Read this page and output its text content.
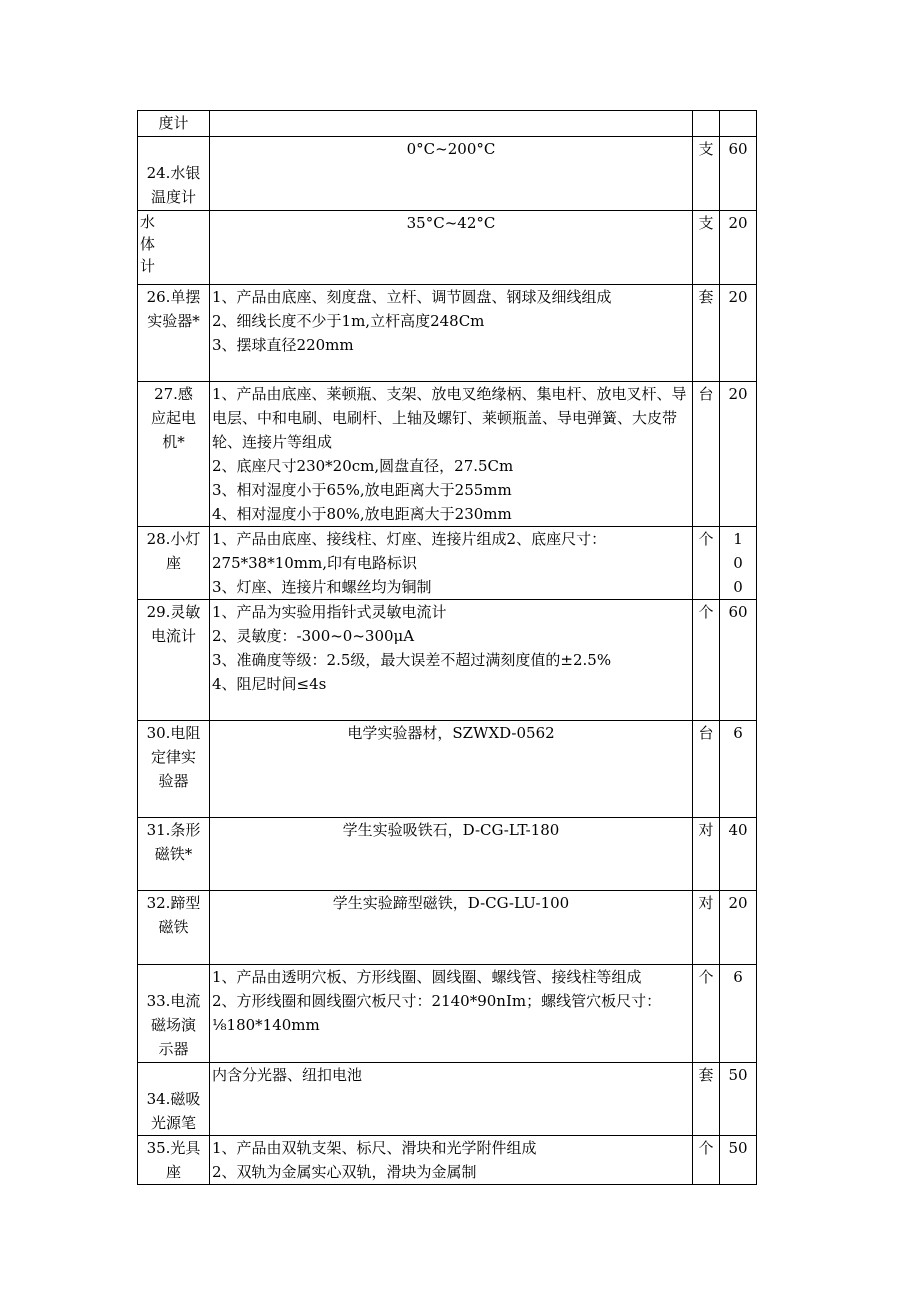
度计			

24.水银
温度计	0°C~200°C	支	60

水
体
计	35°C~42°C	支	20

26.单摆
实验器*	1、产品由底座、刻度盘、立杆、调节圆盘、钢球及细线组成
2、细线长度不少于1m,立杆高度248Cm
3、摆球直径220mm	套	20

27.感
应起电
机*	1、产品由底座、莱顿瓶、支架、放电叉绝缘柄、集电杆、放电叉杆、导电层、中和电刷、电刷杆、上轴及螺钉、莱顿瓶盖、导电弹簧、大皮带轮、连接片等组成
2、底座尺寸230*20cm,圆盘直径，27.5Cm
3、相对湿度小于65%,放电距离大于255mm
4、相对湿度小于80%,放电距离大于230mm	台	20

28.小灯
座	1、产品由底座、接线柱、灯座、连接片组成2、底座尺寸：275*38*10mm,印有电路标识
3、灯座、连接片和螺丝均为铜制	个	100

29.灵敏
电流计	1、产品为实验用指针式灵敏电流计
2、灵敏度：-300~0~300μA
3、准确度等级：2.5级，最大误差不超过满刻度值的±2.5%
4、阻尼时间≤4s	个	60

30.电阻
定律实
验器	电学实验器材，SZWXD-0562	台	6

31.条形
磁铁*	学生实验吸铁石，D-CG-LT-180	对	40

32.蹄型
磁铁	学生实验蹄型磁铁，D-CG-LU-100	对	20

33.电流
磁场演
示器	1、产品由透明穴板、方形线圈、圆线圈、螺线管、接线柱等组成
2、方形线圈和圆线圈穴板尺寸：2140*90nIm；螺线管穴板尺寸：⅛180*140mm	个	6

34.磁吸
光源笔	内含分光器、纽扣电池	套	50

35.光具
座	1、产品由双轨支架、标尺、滑块和光学附件组成
2、双轨为金属实心双轨，滑块为金属制	个	50
